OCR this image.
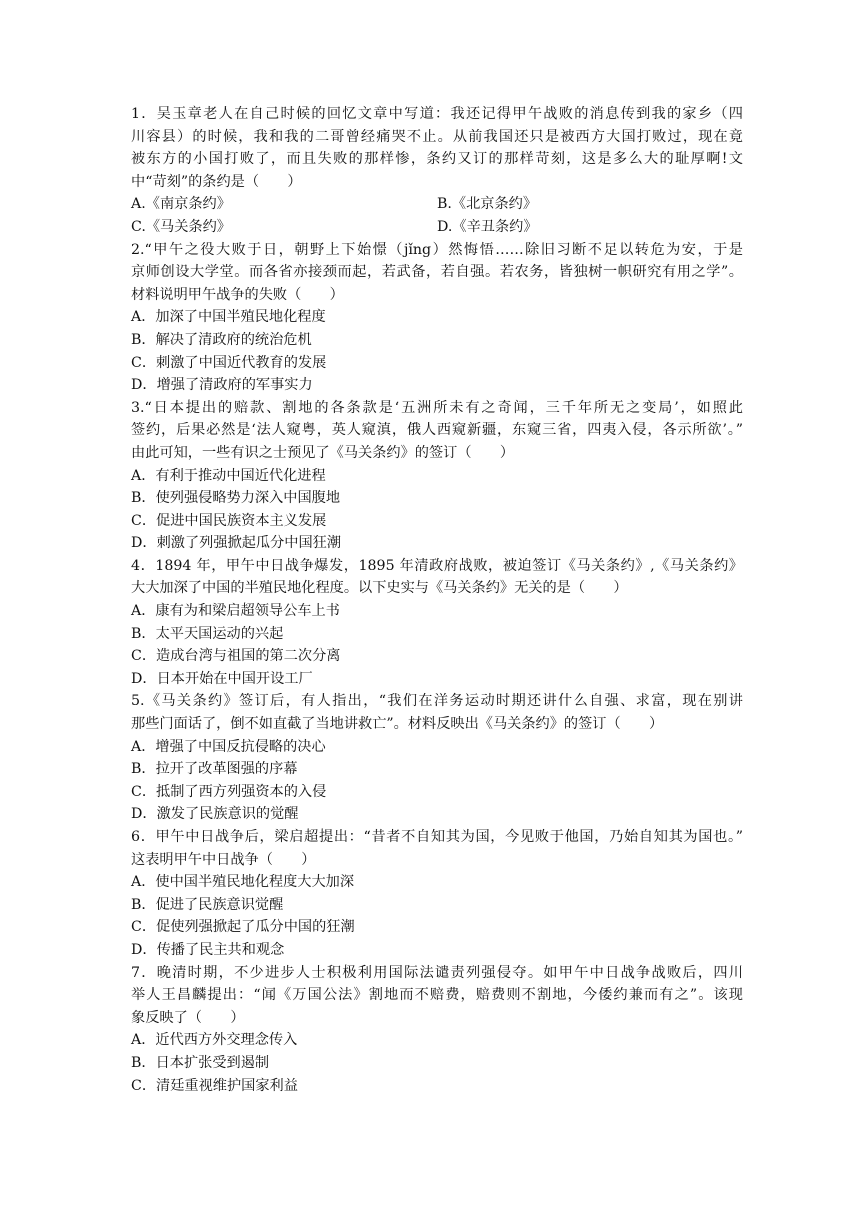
1．吴玉章老人在自己时候的回忆文章中写道：我还记得甲午战败的消息传到我的家乡（四
川容县）的时候，我和我的二哥曾经痛哭不止。从前我国还只是被西方大国打败过，现在竟
被东方的小国打败了，而且失败的那样惨，条约又订的那样苛刻，这是多么大的耻厚啊!文
中“苛刻”的条约是（　　）
A.《南京条约》	B.《北京条约》
C.《马关条约》	D.《辛丑条约》
2.“甲午之役大败于日，朝野上下始憬（jǐng）然悔悟……除旧习断不足以转危为安，于是
京师创设大学堂。而各省亦接颈而起，若武备，若自强。若农务，皆独树一帜研究有用之学”。
材料说明甲午战争的失败（　　）
A．加深了中国半殖民地化程度
B．解决了清政府的统治危机
C．刺激了中国近代教育的发展
D．增强了清政府的军事实力
3.“日本提出的赔款、割地的各条款是‘五洲所未有之奇闻，三千年所无之变局’，如照此
签约，后果必然是‘法人窥粤，英人窥滇，俄人西窥新疆，东窥三省，四夷入侵，各示所欲’。”
由此可知，一些有识之士预见了《马关条约》的签订（　　）
A．有利于推动中国近代化进程
B．使列强侵略势力深入中国腹地
C．促进中国民族资本主义发展
D．刺激了列强掀起瓜分中国狂潮
4．1894 年，甲午中日战争爆发，1895 年清政府战败，被迫签订《马关条约》,《马关条约》
大大加深了中国的半殖民地化程度。以下史实与《马关条约》无关的是（　　）
A．康有为和梁启超领导公车上书
B．太平天国运动的兴起
C．造成台湾与祖国的第二次分离
D．日本开始在中国开设工厂
5.《马关条约》签订后，有人指出，“我们在洋务运动时期还讲什么自强、求富，现在别讲
那些门面话了，倒不如直截了当地讲救亡”。材料反映出《马关条约》的签订（　　）
A．增强了中国反抗侵略的决心
B．拉开了改革图强的序幕
C．抵制了西方列强资本的入侵
D．激发了民族意识的觉醒
6．甲午中日战争后，梁启超提出：“昔者不自知其为国，今见败于他国，乃始自知其为国也。”
这表明甲午中日战争（　　）
A．使中国半殖民地化程度大大加深
B．促进了民族意识觉醒
C．促使列强掀起了瓜分中国的狂潮
D．传播了民主共和观念
7．晚清时期，不少进步人士积极利用国际法谴责列强侵夺。如甲午中日战争战败后，四川
举人王昌麟提出：“闻《万国公法》割地而不赔费，赔费则不割地，今倭约兼而有之”。该现
象反映了（　　）
A．近代西方外交理念传入
B．日本扩张受到遏制
C．清廷重视维护国家利益
